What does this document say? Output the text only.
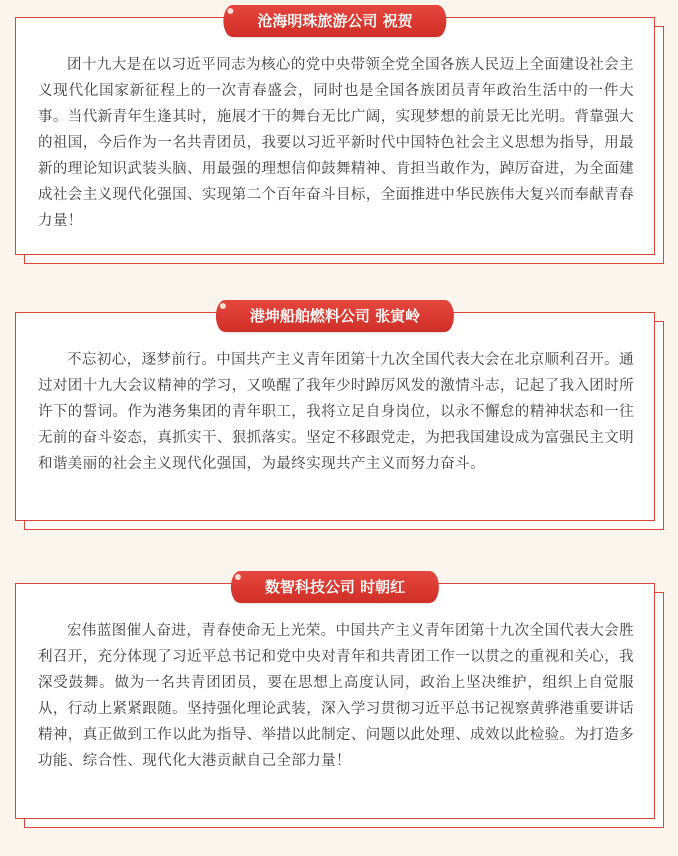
沧海明珠旅游公司 祝贺

团十九大是在以习近平同志为核心的党中央带领全党全国各族人民迈上全面建设社会主义现代化国家新征程上的一次青春盛会，同时也是全国各族团员青年政治生活中的一件大事。当代新青年生逢其时，施展才干的舞台无比广阔，实现梦想的前景无比光明。背靠强大的祖国，今后作为一名共青团员，我要以习近平新时代中国特色社会主义思想为指导，用最新的理论知识武装头脑、用最强的理想信仰鼓舞精神、肯担当敢作为，踔厉奋进，为全面建成社会主义现代化强国、实现第二个百年奋斗目标，全面推进中华民族伟大复兴而奉献青春力量！

港坤船舶燃料公司 张寅岭

不忘初心，逐梦前行。中国共产主义青年团第十九次全国代表大会在北京顺利召开。通过对团十九大会议精神的学习，又唤醒了我年少时踔厉风发的激情斗志，记起了我入团时所许下的誓词。作为港务集团的青年职工，我将立足自身岗位，以永不懈怠的精神状态和一往无前的奋斗姿态，真抓实干、狠抓落实。坚定不移跟党走，为把我国建设成为富强民主文明和谐美丽的社会主义现代化强国，为最终实现共产主义而努力奋斗。

数智科技公司 时朝红

宏伟蓝图催人奋进，青春使命无上光荣。中国共产主义青年团第十九次全国代表大会胜利召开，充分体现了习近平总书记和党中央对青年和共青团工作一以贯之的重视和关心，我深受鼓舞。做为一名共青团团员，要在思想上高度认同，政治上坚决维护，组织上自觉服从，行动上紧紧跟随。坚持强化理论武装，深入学习贯彻习近平总书记视察黄骅港重要讲话精神，真正做到工作以此为指导、举措以此制定、问题以此处理、成效以此检验。为打造多功能、综合性、现代化大港贡献自己全部力量！
